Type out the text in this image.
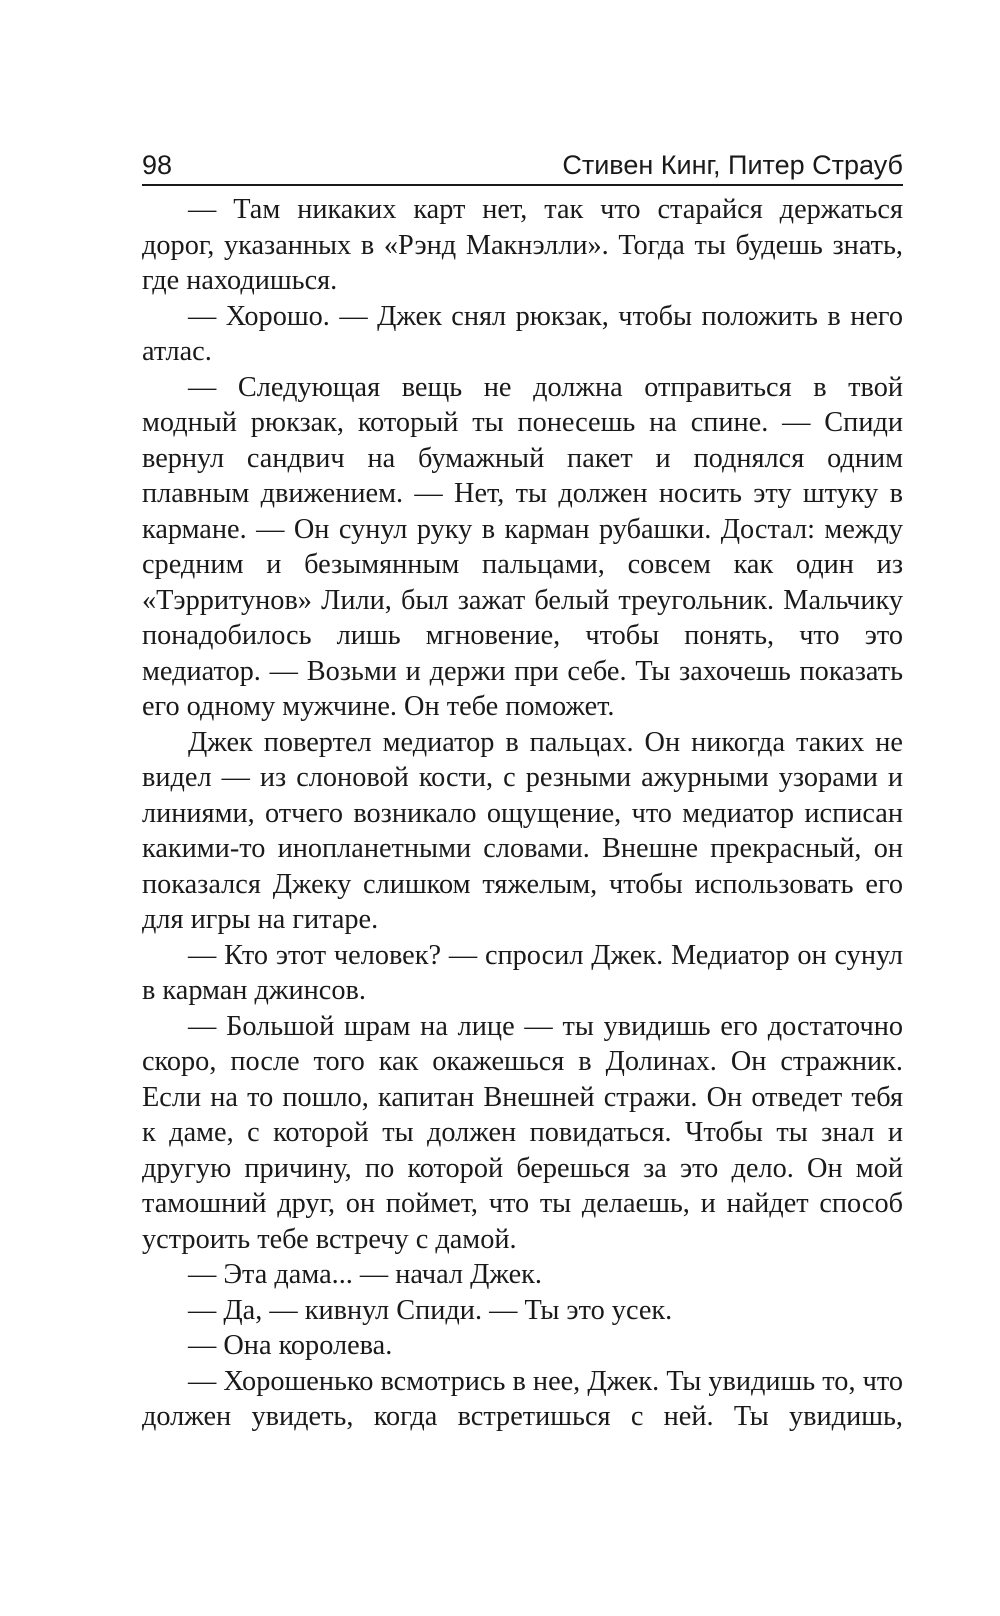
98	Стивен Кинг, Питер Страуб

— Там никаких карт нет, так что старайся держаться дорог, указанных в «Рэнд Макнэлли». Тогда ты будешь знать, где находишься.

— Хорошо. — Джек снял рюкзак, чтобы положить в него атлас.

— Следующая вещь не должна отправиться в твой модный рюкзак, который ты понесешь на спине. — Спиди вернул сандвич на бумажный пакет и поднялся одним плавным движением. — Нет, ты должен носить эту штуку в кармане. — Он сунул руку в карман рубашки. Достал: между средним и безымянным пальцами, совсем как один из «Тэрритунов» Лили, был зажат белый треугольник. Мальчику понадобилось лишь мгновение, чтобы понять, что это медиатор. — Возьми и держи при себе. Ты захочешь показать его одному мужчине. Он тебе поможет.

Джек повертел медиатор в пальцах. Он никогда таких не видел — из слоновой кости, с резными ажурными узорами и линиями, отчего возникало ощущение, что медиатор исписан какими-то инопланетными словами. Внешне прекрасный, он показался Джеку слишком тяжелым, чтобы использовать его для игры на гитаре.

— Кто этот человек? — спросил Джек. Медиатор он сунул в карман джинсов.

— Большой шрам на лице — ты увидишь его достаточно скоро, после того как окажешься в Долинах. Он стражник. Если на то пошло, капитан Внешней стражи. Он отведет тебя к даме, с которой ты должен повидаться. Чтобы ты знал и другую причину, по которой берешься за это дело. Он мой тамошний друг, он поймет, что ты делаешь, и найдет способ устроить тебе встречу с дамой.

— Эта дама... — начал Джек.

— Да, — кивнул Спиди. — Ты это усек.

— Она королева.

— Хорошенько всмотрись в нее, Джек. Ты увидишь то, что должен увидеть, когда встретишься с ней. Ты увидишь,
